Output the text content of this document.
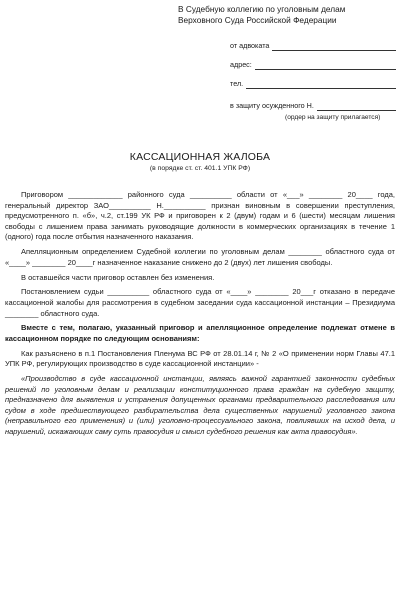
В Судебную коллегию по уголовным делам
Верховного Суда Российской Федерации
от адвоката
адрес:
тел.
в защиту осужденного Н.
(ордер на защиту прилагается)
КАССАЦИОННАЯ ЖАЛОБА
(в порядке ст. ст. 401.1 УПК РФ)

Приговором _____________ районного суда __________ области от «___» ________ 20____ года, генеральный директор ЗАО__________ Н.__________ признан виновным в совершении преступления, предусмотренного п. «б», ч.2, ст.199 УК РФ и приговорен к 2 (двум) годам и 6 (шести) месяцам лишения свободы с лишением права занимать руководящие должности в коммерческих организациях в течение 1 (одного) года после отбытия назначенного наказания.

Апелляционным определением Судебной коллегии по уголовным делам ________ областного суда от «____» ________ 20____г назначенное наказание снижено до 2 (двух) лет лишения свободы.

В оставшейся части приговор оставлен без изменения.

Постановлением судьи __________ областного суда от «____» ________ 20___г отказано в передаче кассационной жалобы для рассмотрения в судебном заседании суда кассационной инстанции – Президиума ________ областного суда.

Вместе с тем, полагаю, указанный приговор и апелляционное определение подлежат отмене в кассационном порядке по следующим основаниям:

Как разъяснено в п.1 Постановления Пленума ВС РФ от 28.01.14 г, № 2 «О применении норм Главы 47.1 УПК РФ, регулирующих производство в суде кассационной инстанции» -

«Производство в суде кассационной инстанции, являясь важной гарантией законности судебных решений по уголовным делам и реализации конституционного права граждан на судебную защиту, предназначено для выявления и устранения допущенных органами предварительного расследования или судом в ходе предшествующего разбирательства дела существенных нарушений уголовного закона (неправильного его применения) и (или) уголовно-процессуального закона, повлиявших на исход дела, и нарушений, искажающих саму суть правосудия и смысл судебного решения как акта правосудия».
